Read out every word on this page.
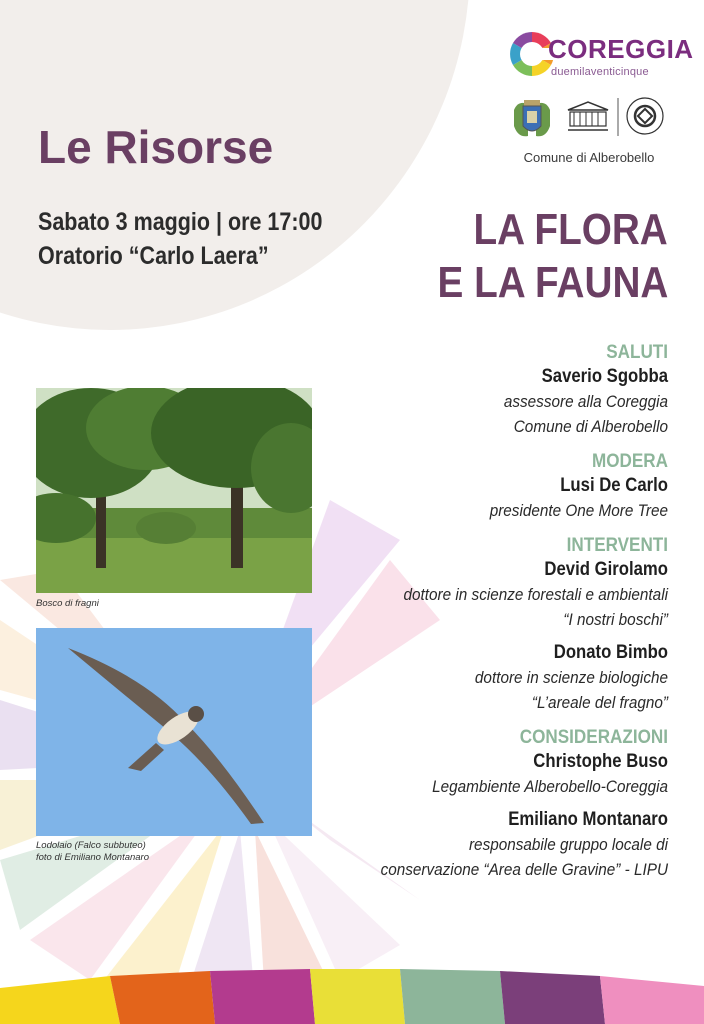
COREGGIA
duemilaventicinque
Comune di Alberobello
Le Risorse
Sabato 3 maggio | ore 17:00
Oratorio “Carlo Laera”
LA FLORA
E LA FAUNA
SALUTI
Saverio Sgobba
assessore alla Coreggia
Comune di Alberobello
MODERA
Lusi De Carlo
presidente One More Tree
INTERVENTI
Devid Girolamo
dottore in scienze forestali e ambientali
“I nostri boschi”
Donato Bimbo
dottore in scienze biologiche
“L’areale del fragno”
CONSIDERAZIONI
Christophe Buso
Legambiente Alberobello-Coreggia
Emiliano Montanaro
responsabile gruppo locale di
conservazione “Area delle Gravine” - LIPU
Bosco di fragni
Lodolaio (Falco subbuteo)
foto di Emiliano Montanaro
